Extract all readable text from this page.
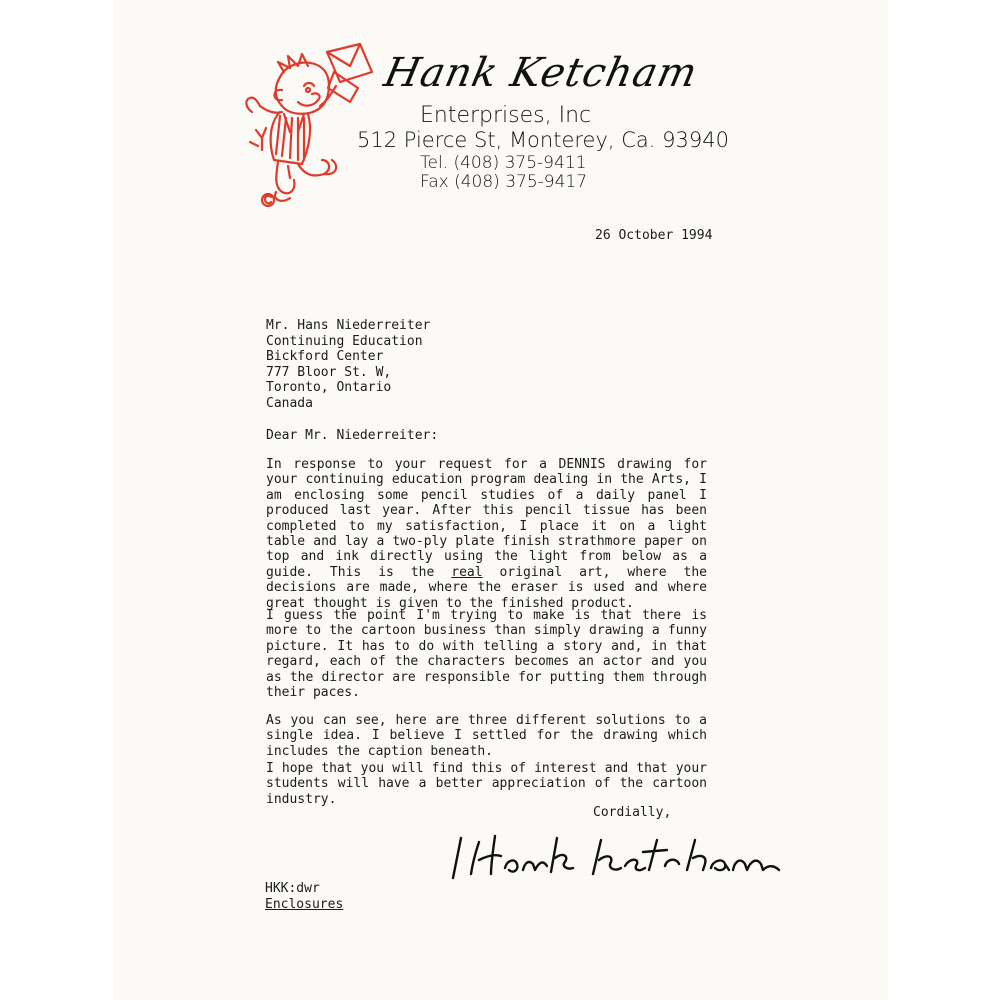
Hank Ketcham
Enterprises, Inc
512 Pierce St, Monterey, Ca. 93940
Tel. (408) 375-9411
Fax (408) 375-9417
26 October 1994
Mr. Hans Niederreiter
Continuing Education
Bickford Center
777 Bloor St. W,
Toronto, Ontario
Canada
Dear Mr. Niederreiter:

In response to your request for a DENNIS drawing for your continuing education program dealing in the Arts, I am enclosing some pencil studies of a daily panel I produced last year. After this pencil tissue has been completed to my satisfaction, I place it on a light table and lay a two-ply plate finish strathmore paper on top and ink directly using the light from below as a guide. This is the real original art, where the decisions are made, where the eraser is used and where great thought is given to the finished product.

I guess the point I'm trying to make is that there is more to the cartoon business than simply drawing a funny picture. It has to do with telling a story and, in that regard, each of the characters becomes an actor and you as the director are responsible for putting them through their paces.

As you can see, here are three different solutions to a single idea. I believe I settled for the drawing which includes the caption beneath.

I hope that you will find this of interest and that your students will have a better appreciation of the cartoon industry.

Cordially,
HKK:dwr
Enclosures
